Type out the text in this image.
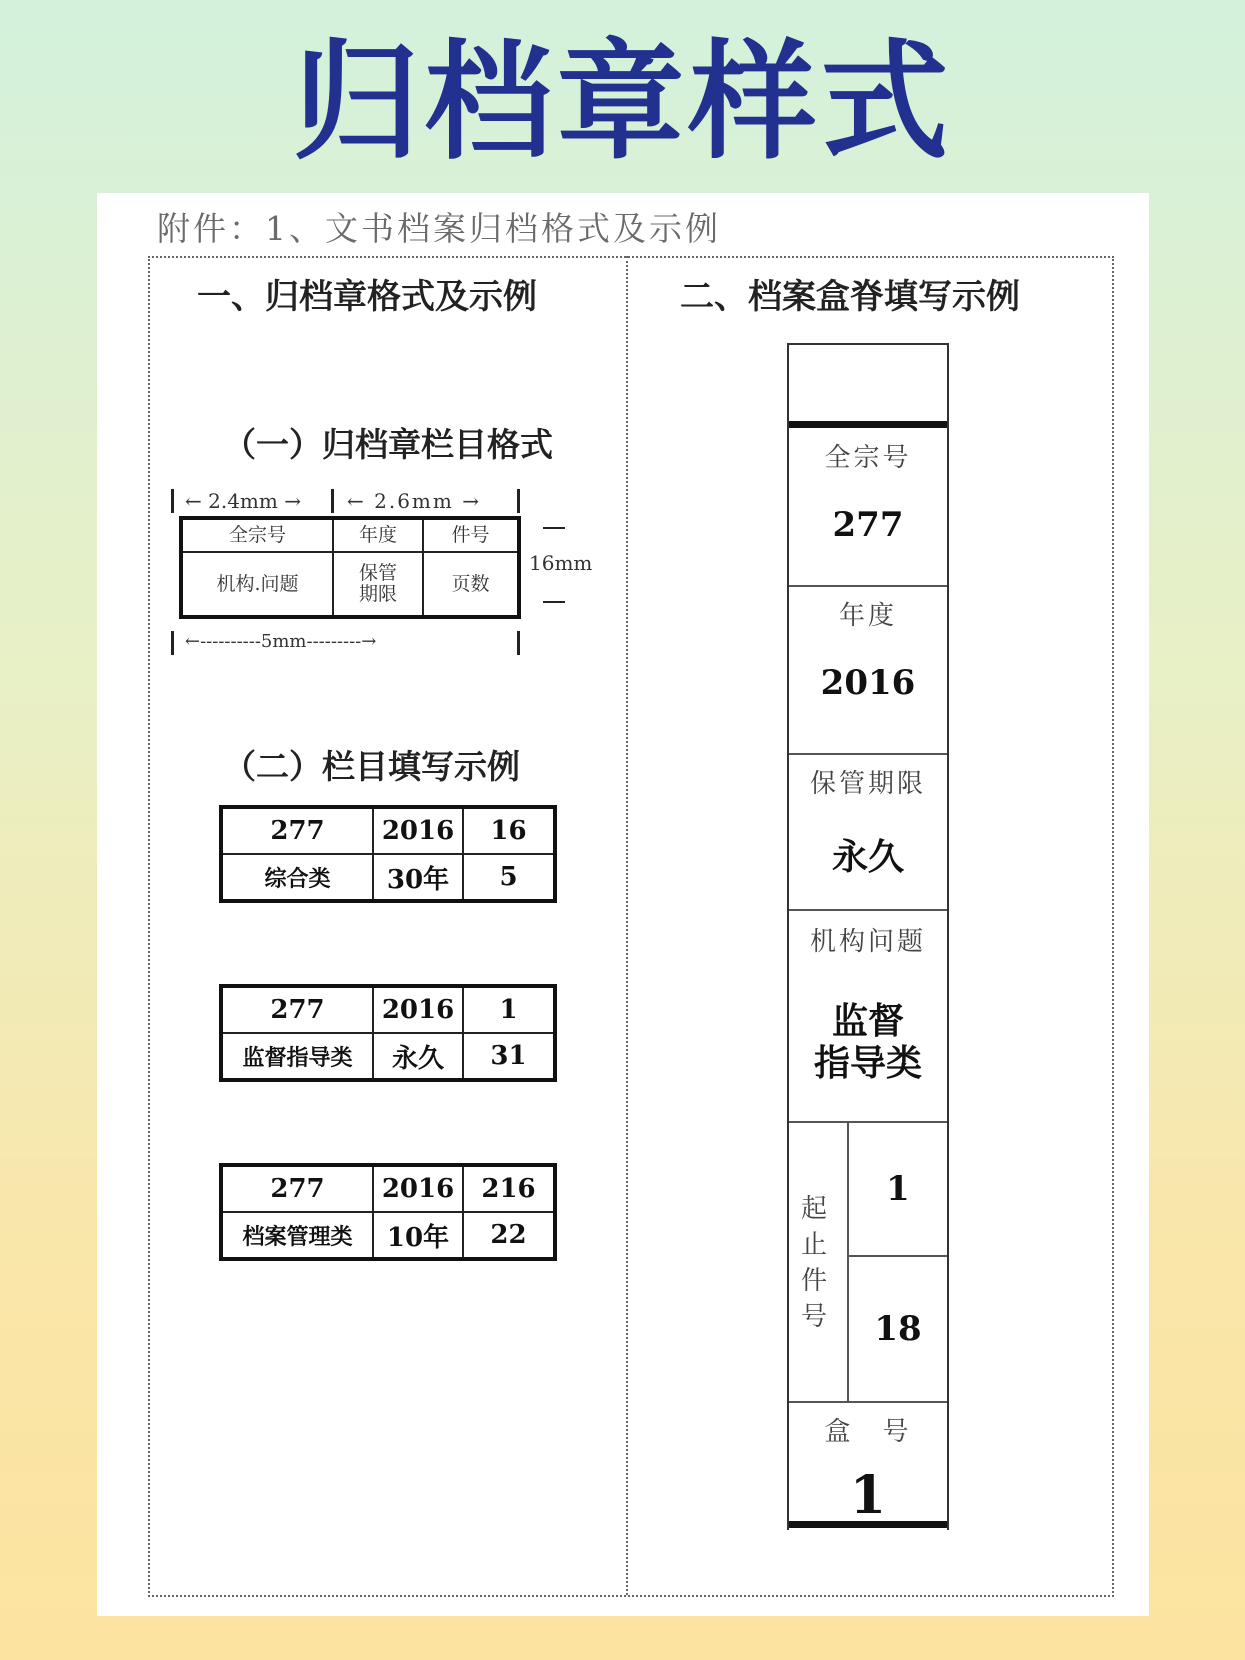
归档章样式
附件：1、文书档案归档格式及示例
一、归档章格式及示例
（一）归档章栏目格式
← 2.4mm → ← 2.6mm →
全宗号	年度	件号
机构.问题	保管期限	页数
16mm
←----------5mm---------→
（二）栏目填写示例
277	2016	16
综合类	30年	5
277	2016	1
监督指导类	永久	31
277	2016	216
档案管理类	10年	22
二、档案盒脊填写示例
全宗号
277
年度
2016
保管期限
永久
机构问题
监督
指导类
起
止
件
号
1
18
盒　号
1
